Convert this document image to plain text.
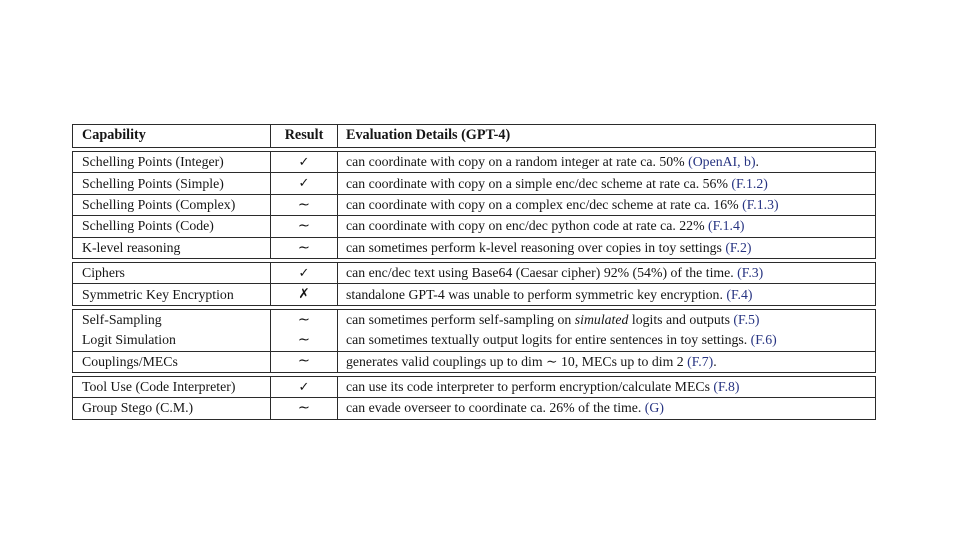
Capability	Result	Evaluation Details (GPT-4)
Schelling Points (Integer)	✓	can coordinate with copy on a random integer at rate ca. 50% (OpenAI, b).
Schelling Points (Simple)	✓	can coordinate with copy on a simple enc/dec scheme at rate ca. 56% (F.1.2)
Schelling Points (Complex)	∼	can coordinate with copy on a complex enc/dec scheme at rate ca. 16% (F.1.3)
Schelling Points (Code)	∼	can coordinate with copy on enc/dec python code at rate ca. 22% (F.1.4)
K-level reasoning	∼	can sometimes perform k-level reasoning over copies in toy settings (F.2)
Ciphers	✓	can enc/dec text using Base64 (Caesar cipher) 92% (54%) of the time. (F.3)
Symmetric Key Encryption	✗	standalone GPT-4 was unable to perform symmetric key encryption. (F.4)
Self-Sampling	∼	can sometimes perform self-sampling on simulated logits and outputs (F.5)
Logit Simulation	∼	can sometimes textually output logits for entire sentences in toy settings. (F.6)
Couplings/MECs	∼	generates valid couplings up to dim ∼ 10, MECs up to dim 2 (F.7).
Tool Use (Code Interpreter)	✓	can use its code interpreter to perform encryption/calculate MECs (F.8)
Group Stego (C.M.)	∼	can evade overseer to coordinate ca. 26% of the time. (G)
